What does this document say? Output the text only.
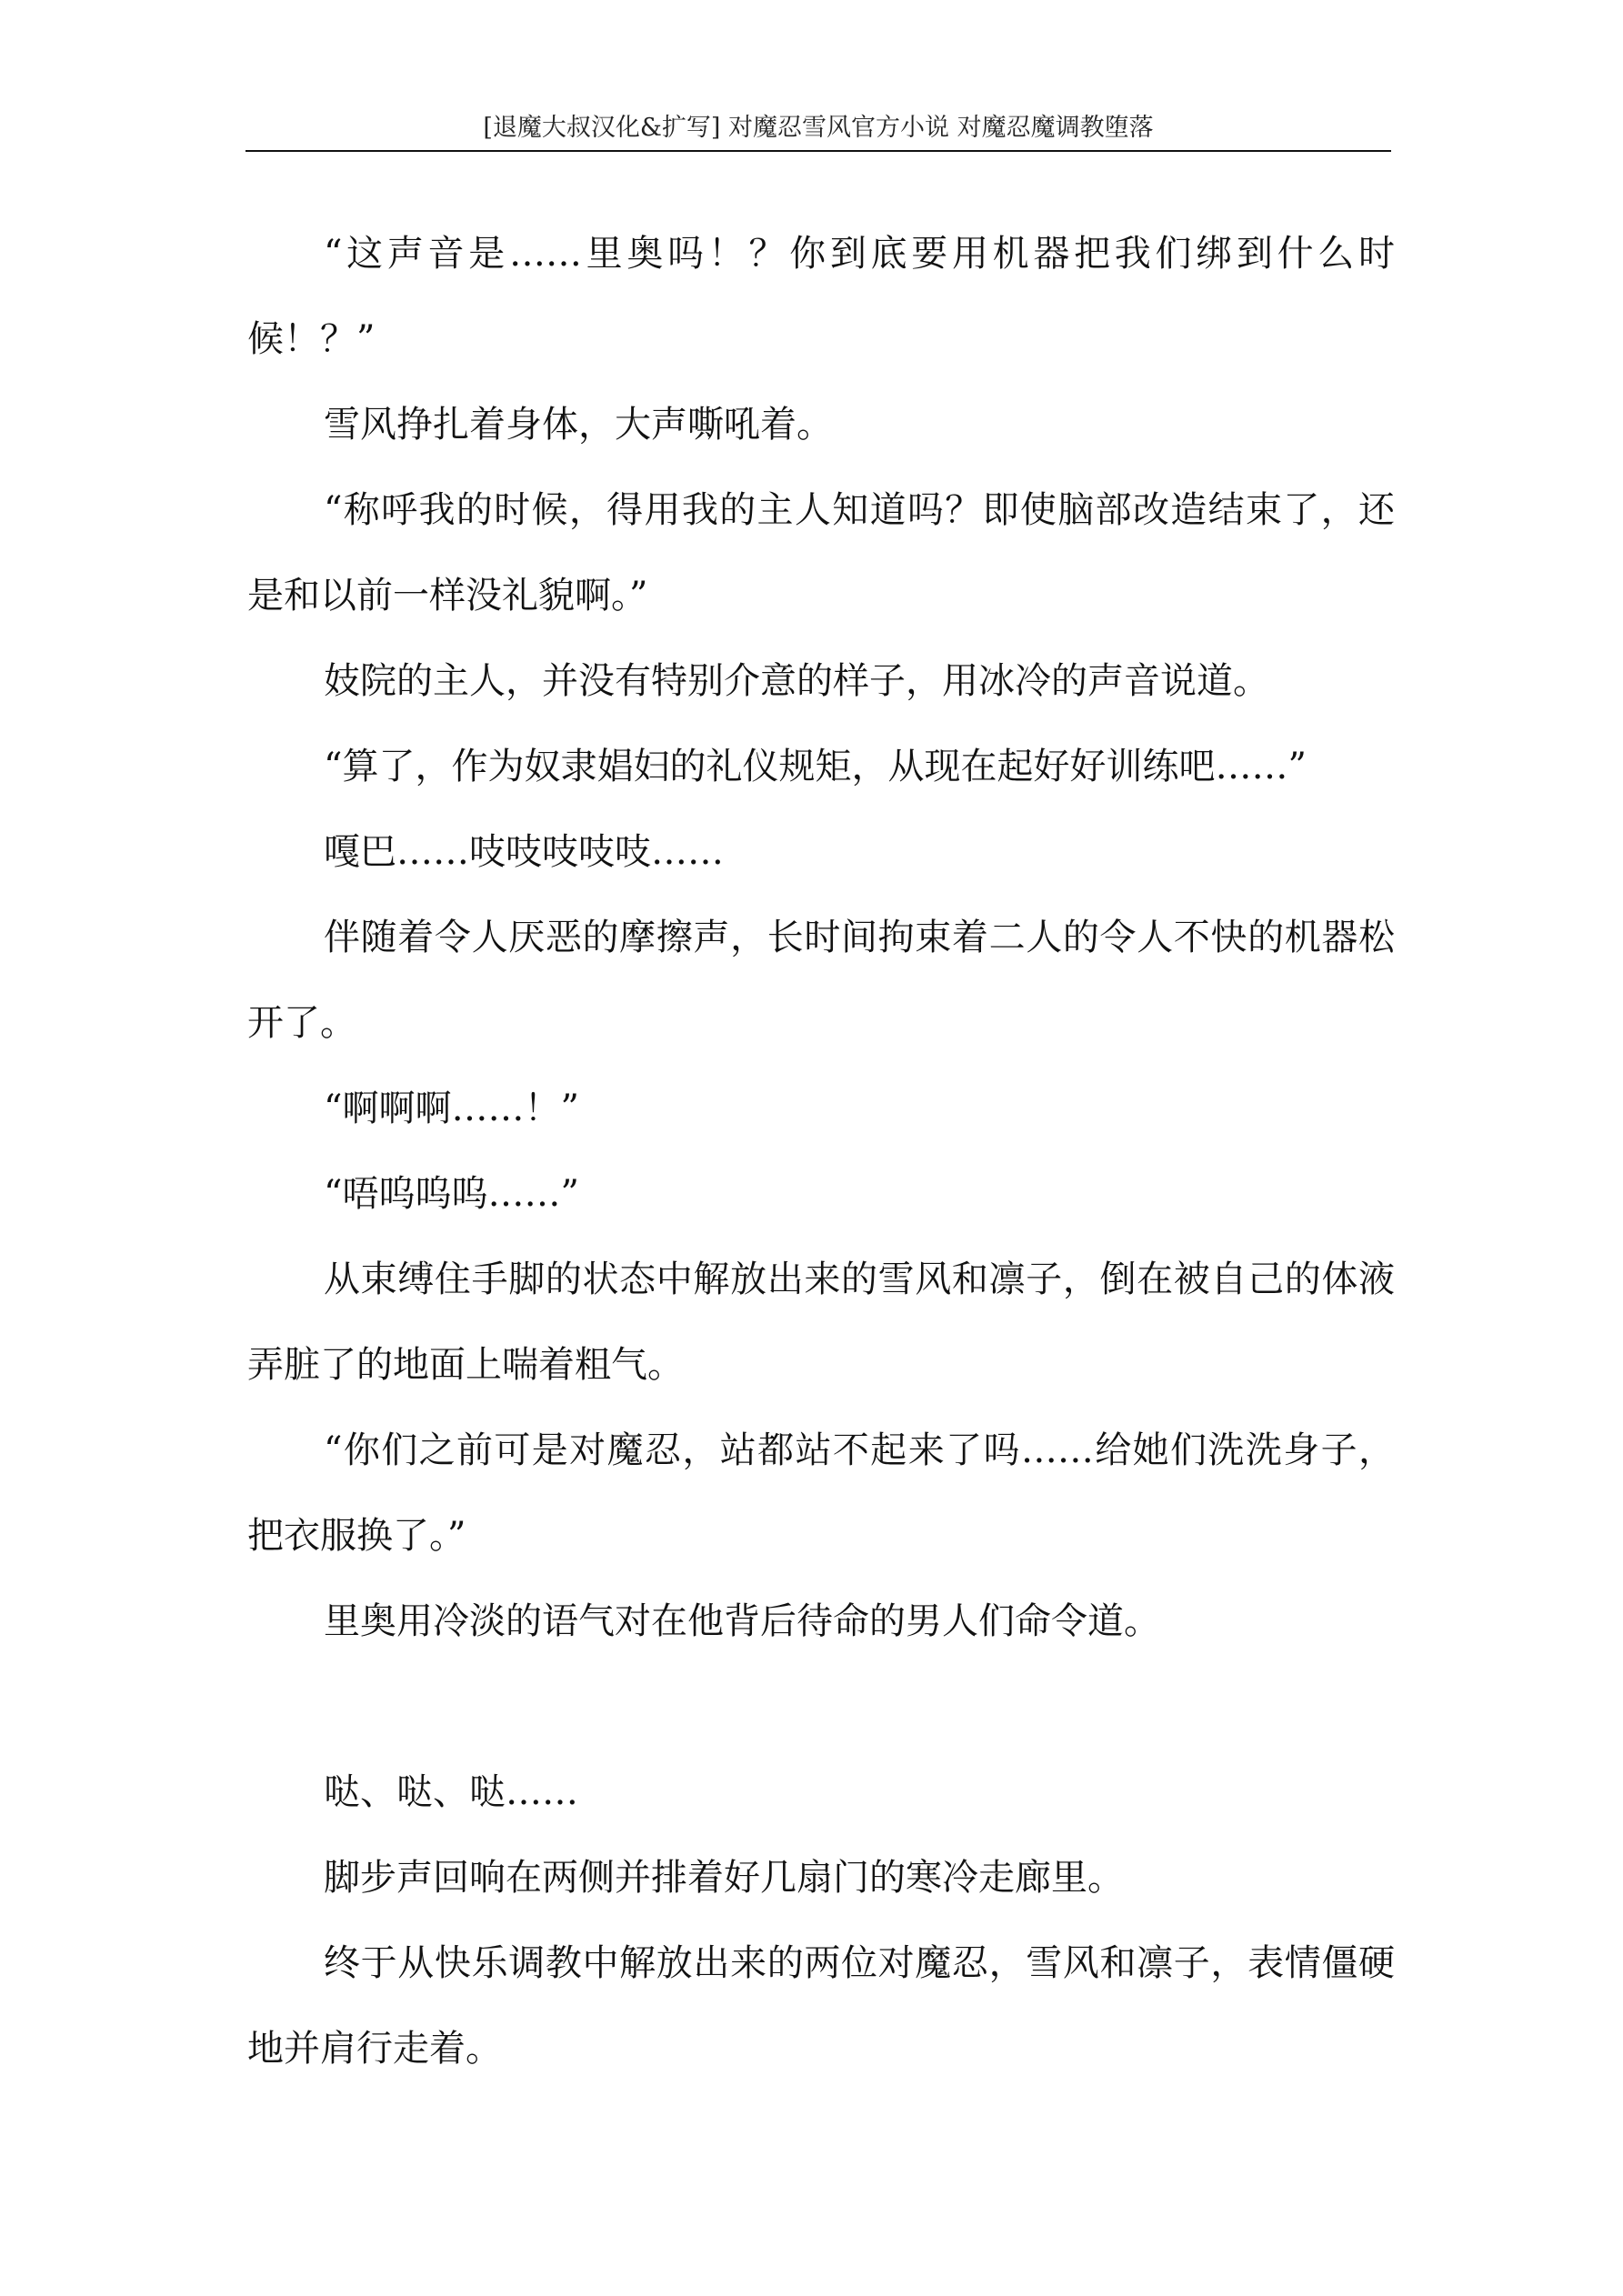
[退魔大叔汉化&扩写] 对魔忍雪风官方小说 对魔忍魔调教堕落

“这声音是……里奥吗！？你到底要用机器把我们绑到什么时候！？”

雪风挣扎着身体，大声嘶吼着。

“称呼我的时候，得用我的主人知道吗？即使脑部改造结束了，还是和以前一样没礼貌啊。”

妓院的主人，并没有特别介意的样子，用冰冷的声音说道。

“算了，作为奴隶娼妇的礼仪规矩，从现在起好好训练吧……”

嘎巴……吱吱吱吱吱……

伴随着令人厌恶的摩擦声，长时间拘束着二人的令人不快的机器松开了。

“啊啊啊……！”

“唔呜呜呜……”

从束缚住手脚的状态中解放出来的雪风和凛子，倒在被自己的体液弄脏了的地面上喘着粗气。

“你们之前可是对魔忍，站都站不起来了吗……给她们洗洗身子，把衣服换了。”

里奥用冷淡的语气对在他背后待命的男人们命令道。

哒、哒、哒……

脚步声回响在两侧并排着好几扇门的寒冷走廊里。

终于从快乐调教中解放出来的两位对魔忍，雪风和凛子，表情僵硬地并肩行走着。
